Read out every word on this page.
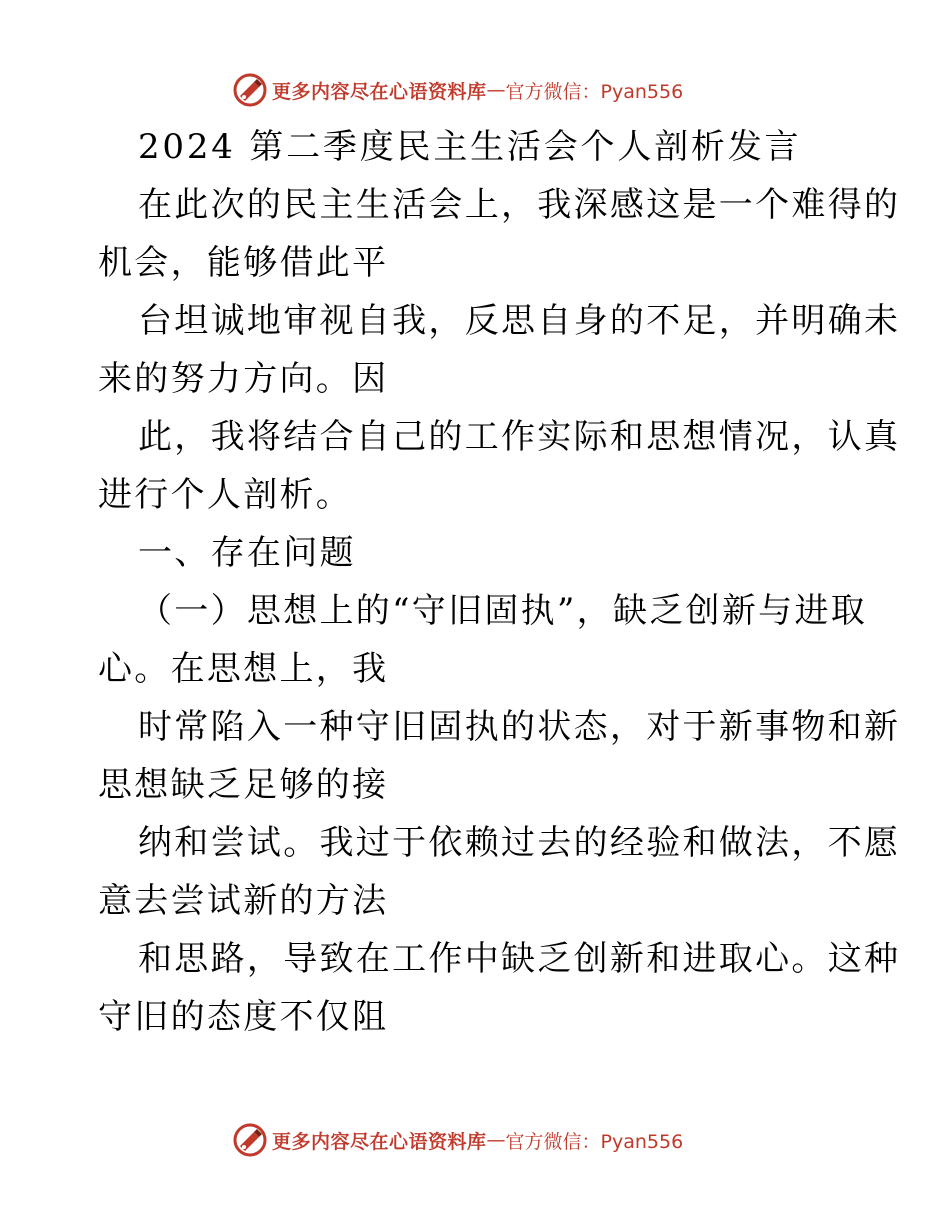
更多内容尽在心语资料库 — 官方微信：Pyan556
2024 第二季度民主生活会个人剖析发言
在此次的民主生活会上，我深感这是一个难得的
机会，能够借此平
台坦诚地审视自我，反思自身的不足，并明确未
来的努力方向。因
此，我将结合自己的工作实际和思想情况，认真
进行个人剖析。
一、存在问题
（一）思想上的“守旧固执”，缺乏创新与进取
心。在思想上，我
时常陷入一种守旧固执的状态，对于新事物和新
思想缺乏足够的接
纳和尝试。我过于依赖过去的经验和做法，不愿
意去尝试新的方法
和思路，导致在工作中缺乏创新和进取心。这种
守旧的态度不仅阻
更多内容尽在心语资料库 — 官方微信：Pyan556
